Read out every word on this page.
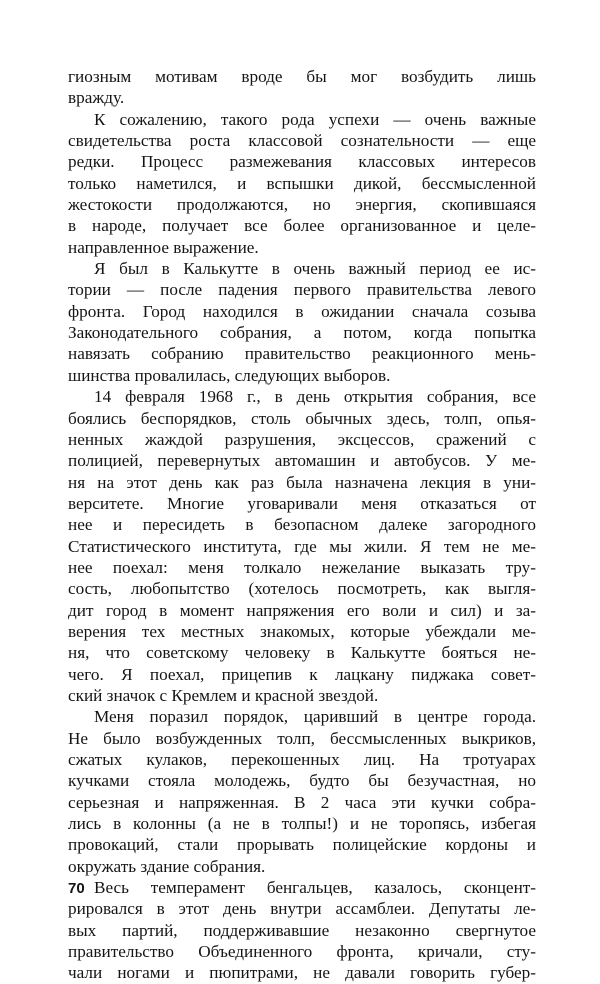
гиозным мотивам вроде бы мог возбудить лишь
вражду.
К сожалению, такого рода успехи — очень важные
свидетельства роста классовой сознательности — еще
редки. Процесс размежевания классовых интересов
только наметился, и вспышки дикой, бессмысленной
жестокости продолжаются, но энергия, скопившаяся
в народе, получает все более организованное и целе-
направленное выражение.
Я был в Калькутте в очень важный период ее ис-
тории — после падения первого правительства левого
фронта. Город находился в ожидании сначала созыва
Законодательного собрания, а потом, когда попытка
навязать собранию правительство реакционного мень-
шинства провалилась, следующих выборов.
14 февраля 1968 г., в день открытия собрания, все
боялись беспорядков, столь обычных здесь, толп, опья-
ненных жаждой разрушения, эксцессов, сражений с
полицией, перевернутых автомашин и автобусов. У ме-
ня на этот день как раз была назначена лекция в уни-
верситете. Многие уговаривали меня отказаться от
нее и пересидеть в безопасном далеке загородного
Статистического института, где мы жили. Я тем не ме-
нее поехал: меня толкало нежелание выказать тру-
сость, любопытство (хотелось посмотреть, как выгля-
дит город в момент напряжения его воли и сил) и за-
верения тех местных знакомых, которые убеждали ме-
ня, что советскому человеку в Калькутте бояться не-
чего. Я поехал, прицепив к лацкану пиджака совет-
ский значок с Кремлем и красной звездой.
Меня поразил порядок, царивший в центре города.
Не было возбужденных толп, бессмысленных выкриков,
сжатых кулаков, перекошенных лиц. На тротуарах
кучками стояла молодежь, будто бы безучастная, но
серьезная и напряженная. В 2 часа эти кучки собра-
лись в колонны (а не в толпы!) и не торопясь, избегая
провокаций, стали прорывать полицейские кордоны и
окружать здание собрания.
Весь темперамент бенгальцев, казалось, сконцент-
рировался в этот день внутри ассамблеи. Депутаты ле-
вых партий, поддерживавшие незаконно свергнутое
правительство Объединенного фронта, кричали, сту-
чали ногами и пюпитрами, не давали говорить губер-
70
